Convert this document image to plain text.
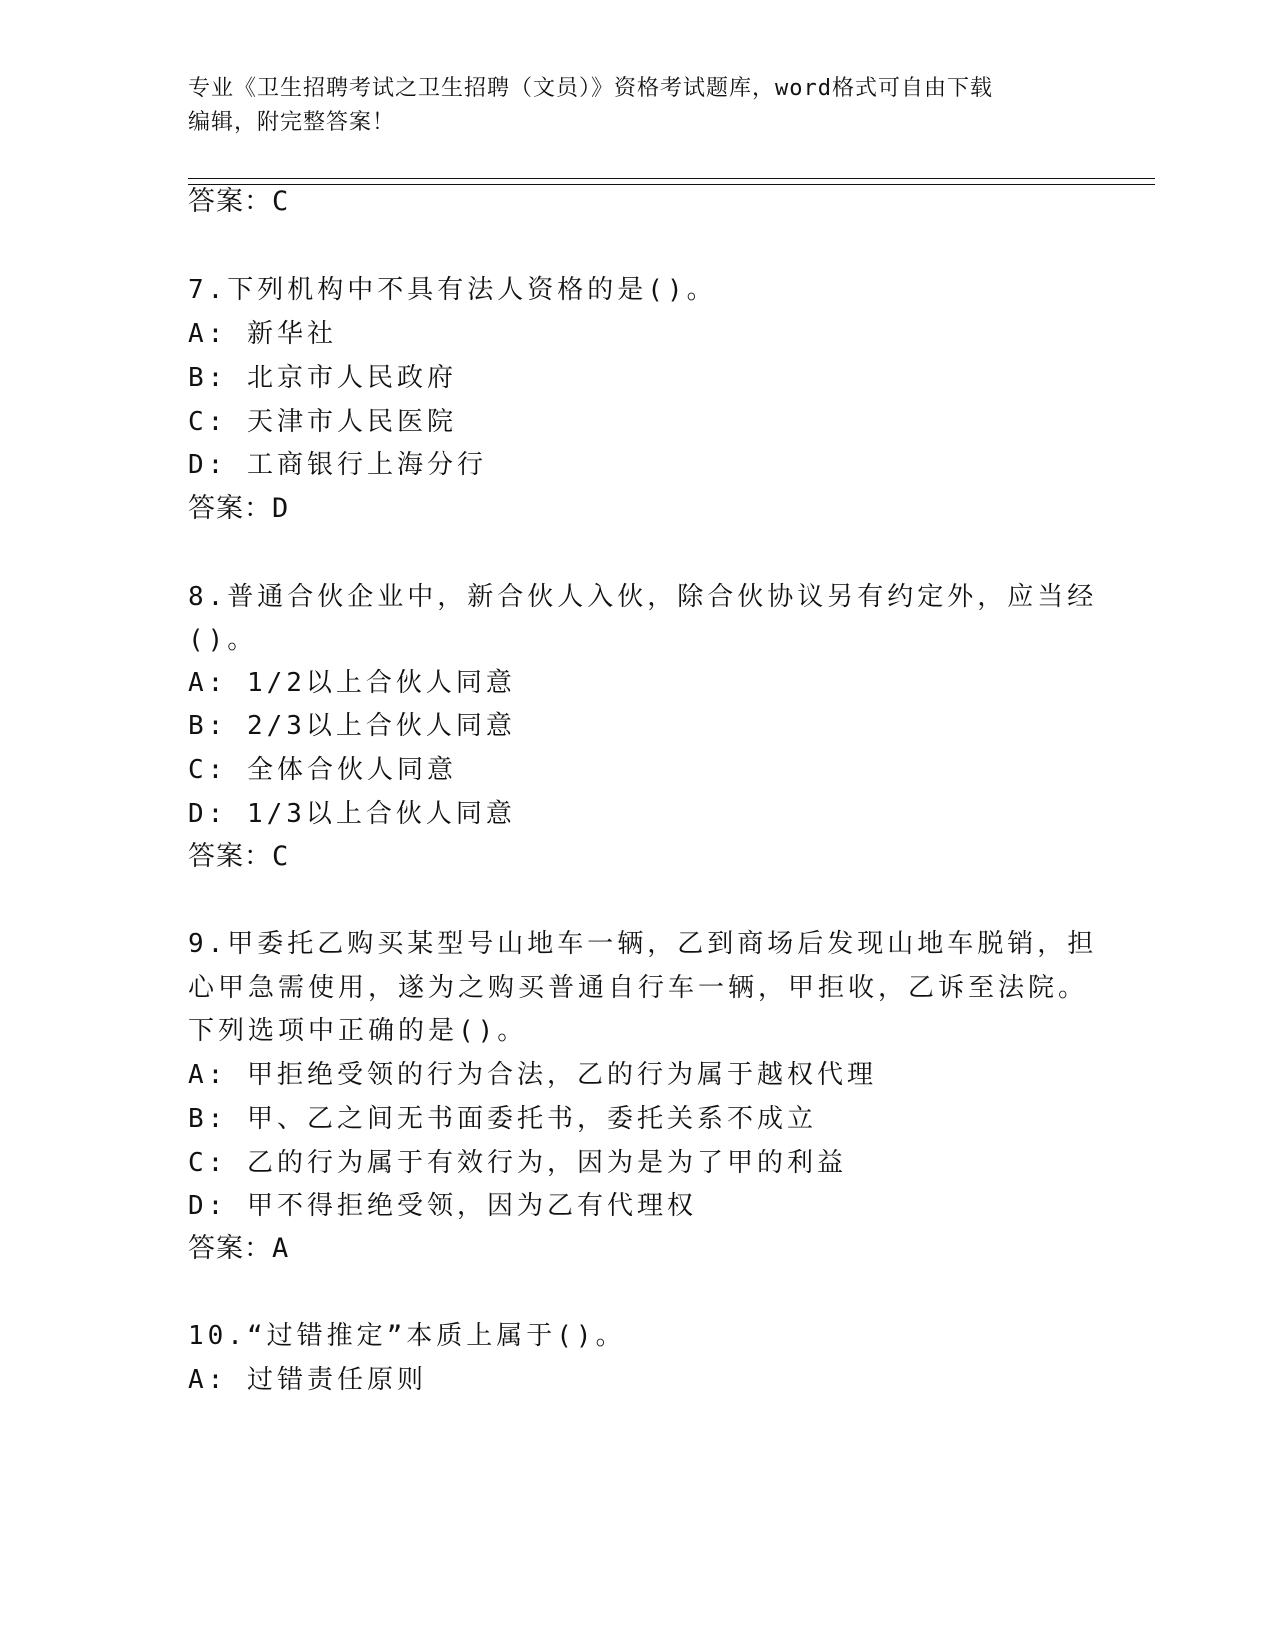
专业《卫生招聘考试之卫生招聘（文员）》资格考试题库，word格式可自由下载
编辑，附完整答案！
答案：C
7.下列机构中不具有法人资格的是()。
A: 新华社
B: 北京市人民政府
C: 天津市人民医院
D: 工商银行上海分行
答案：D
8.普通合伙企业中，新合伙人入伙，除合伙协议另有约定外，应当经
()。
A: 1/2以上合伙人同意
B: 2/3以上合伙人同意
C: 全体合伙人同意
D: 1/3以上合伙人同意
答案：C
9.甲委托乙购买某型号山地车一辆，乙到商场后发现山地车脱销，担
心甲急需使用，遂为之购买普通自行车一辆，甲拒收，乙诉至法院。
下列选项中正确的是()。
A: 甲拒绝受领的行为合法，乙的行为属于越权代理
B: 甲、乙之间无书面委托书，委托关系不成立
C: 乙的行为属于有效行为，因为是为了甲的利益
D: 甲不得拒绝受领，因为乙有代理权
答案：A
10.“过错推定”本质上属于()。
A: 过错责任原则
